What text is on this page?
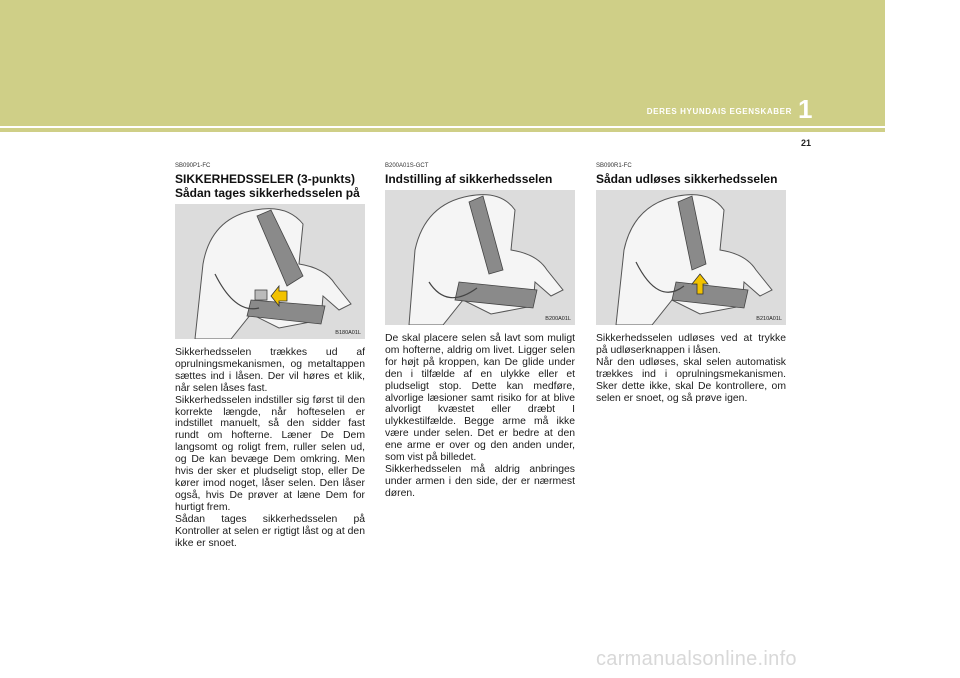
DERES HYUNDAIS EGENSKABER 1
21
SB090P1-FC
SIKKERHEDSSELER (3-punkts)
Sådan tages sikkerhedsselen på
B180A01L

Sikkerhedsselen trækkes ud af oprulningsmekanismen, og metaltappen sættes ind i låsen. Der vil høres et klik, når selen låses fast.

Sikkerhedsselen indstiller sig først til den korrekte længde, når hofteselen er indstillet manuelt, så den sidder fast rundt om hofterne. Læner De Dem langsomt og roligt frem, ruller selen ud, og De kan bevæge Dem omkring. Men hvis der sker et pludseligt stop, eller De kører imod noget, låser selen. Den låser også, hvis De prøver at læne Dem for hurtigt frem.

Sådan tages sikkerhedsselen på Kontroller at selen er rigtigt låst og at den ikke er snoet.

B200A01S-GCT
Indstilling af sikkerhedsselen
B200A01L

De skal placere selen så lavt som muligt om hofterne, aldrig om livet. Ligger selen for højt på kroppen, kan De glide under den i tilfælde af en ulykke eller et pludseligt stop. Dette kan medføre, alvorlige læsioner samt risiko for at blive alvorligt kvæstet eller dræbt I ulykkestilfælde. Begge arme må ikke være under selen. Det er bedre at den ene arme er over og den anden under, som vist på billedet.

Sikkerhedsselen må aldrig anbringes under armen i den side, der er nærmest døren.

SB090R1-FC
Sådan udløses sikkerhedsselen
B210A01L

Sikkerhedsselen udløses ved at trykke på udløserknappen i låsen.

Når den udløses, skal selen automatisk trækkes ind i oprulningsmekanismen. Sker dette ikke, skal De kontrollere, om selen er snoet, og så prøve igen.

carmanualsonline.info
